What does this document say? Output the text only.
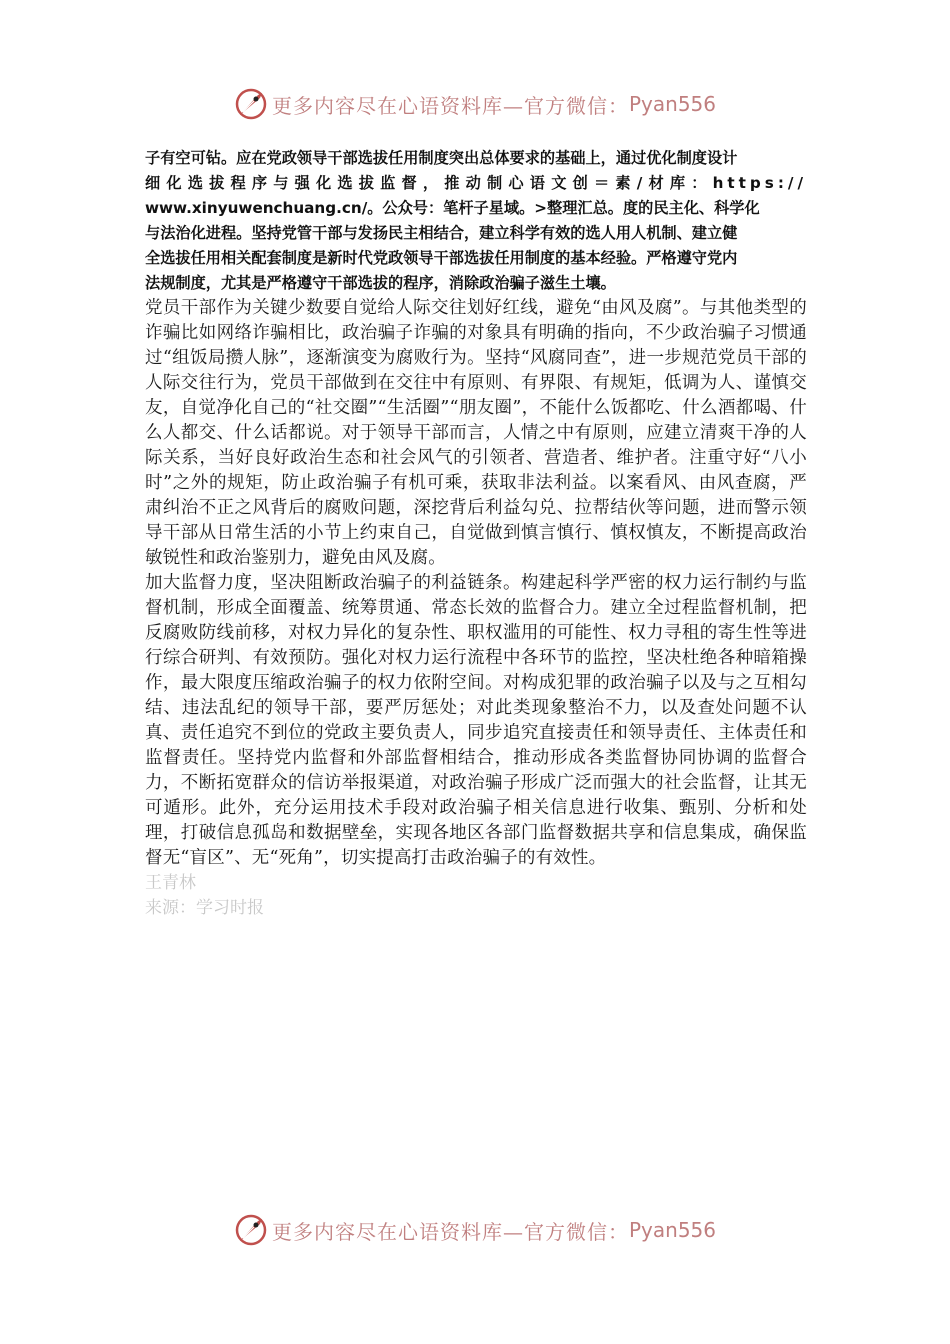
更多内容尽在心语资料库—官方微信： Pyan556
子有空可钻。应在党政领导干部选拔任用制度突出总体要求的基础上，通过优化制度设计
细化选拔程序与强化选拔监督，推动制心语文创＝素/材库：https://
www.xinyuwenchuang.cn/。公众号：笔杆子星域。>整理汇总。度的民主化、科学化
与法治化进程。坚持党管干部与发扬民主相结合，建立科学有效的选人用人机制、建立健
全选拔任用相关配套制度是新时代党政领导干部选拔任用制度的基本经验。严格遵守党内
法规制度，尤其是严格遵守干部选拔的程序，消除政治骗子滋生土壤。

党员干部作为关键少数要自觉给人际交往划好红线，避免“由风及腐”。与其他类型的诈骗比如网络诈骗相比，政治骗子诈骗的对象具有明确的指向，不少政治骗子习惯通过“组饭局攒人脉”，逐渐演变为腐败行为。坚持“风腐同查”，进一步规范党员干部的人际交往行为，党员干部做到在交往中有原则、有界限、有规矩，低调为人、谨慎交友，自觉净化自己的“社交圈”“生活圈”“朋友圈”，不能什么饭都吃、什么酒都喝、什么人都交、什么话都说。对于领导干部而言，人情之中有原则，应建立清爽干净的人际关系，当好良好政治生态和社会风气的引领者、营造者、维护者。注重守好“八小时”之外的规矩，防止政治骗子有机可乘，获取非法利益。以案看风、由风查腐，严肃纠治不正之风背后的腐败问题，深挖背后利益勾兑、拉帮结伙等问题，进而警示领导干部从日常生活的小节上约束自己，自觉做到慎言慎行、慎权慎友，不断提高政治敏锐性和政治鉴别力，避免由风及腐。

加大监督力度，坚决阻断政治骗子的利益链条。构建起科学严密的权力运行制约与监督机制，形成全面覆盖、统筹贯通、常态长效的监督合力。建立全过程监督机制，把反腐败防线前移，对权力异化的复杂性、职权滥用的可能性、权力寻租的寄生性等进行综合研判、有效预防。强化对权力运行流程中各环节的监控，坚决杜绝各种暗箱操作，最大限度压缩政治骗子的权力依附空间。对构成犯罪的政治骗子以及与之互相勾结、违法乱纪的领导干部，要严厉惩处；对此类现象整治不力，以及查处问题不认真、责任追究不到位的党政主要负责人，同步追究直接责任和领导责任、主体责任和监督责任。坚持党内监督和外部监督相结合，推动形成各类监督协同协调的监督合力，不断拓宽群众的信访举报渠道，对政治骗子形成广泛而强大的社会监督，让其无可遁形。此外，充分运用技术手段对政治骗子相关信息进行收集、甄别、分析和处理，打破信息孤岛和数据壁垒，实现各地区各部门监督数据共享和信息集成，确保监督无“盲区”、无“死角”，切实提高打击政治骗子的有效性。

王青林

来源：学习时报

更多内容尽在心语资料库—官方微信： Pyan556
